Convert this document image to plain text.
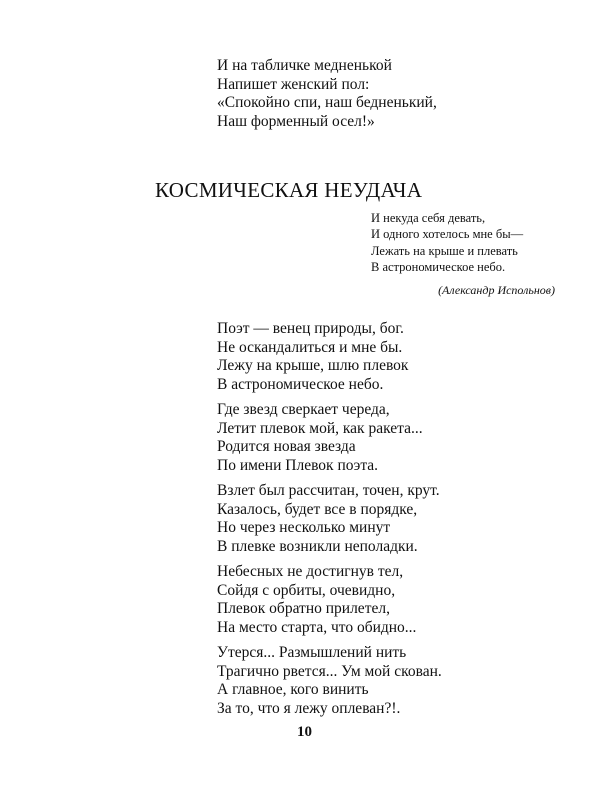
И на табличке медненькой
Напишет женский пол:
«Спокойно спи, наш бедненький,
Наш форменный осел!»
КОСМИЧЕСКАЯ НЕУДАЧА
И некуда себя девать,
И одного хотелось мне бы—
Лежать на крыше и плевать
В астрономическое небо.
(Александр Испольнов)
Поэт — венец природы, бог.
Не оскандалиться и мне бы.
Лежу на крыше, шлю плевок
В астрономическое небо.
Где звезд сверкает череда,
Летит плевок мой, как ракета...
Родится новая звезда
По имени Плевок поэта.
Взлет был рассчитан, точен, крут.
Казалось, будет все в порядке,
Но через несколько минут
В плевке возникли неполадки.
Небесных не достигнув тел,
Сойдя с орбиты, очевидно,
Плевок обратно прилетел,
На место старта, что обидно...
Утерся... Размышлений нить
Трагично рвется... Ум мой скован.
А главное, кого винить
За то, что я лежу оплеван?!.
10
